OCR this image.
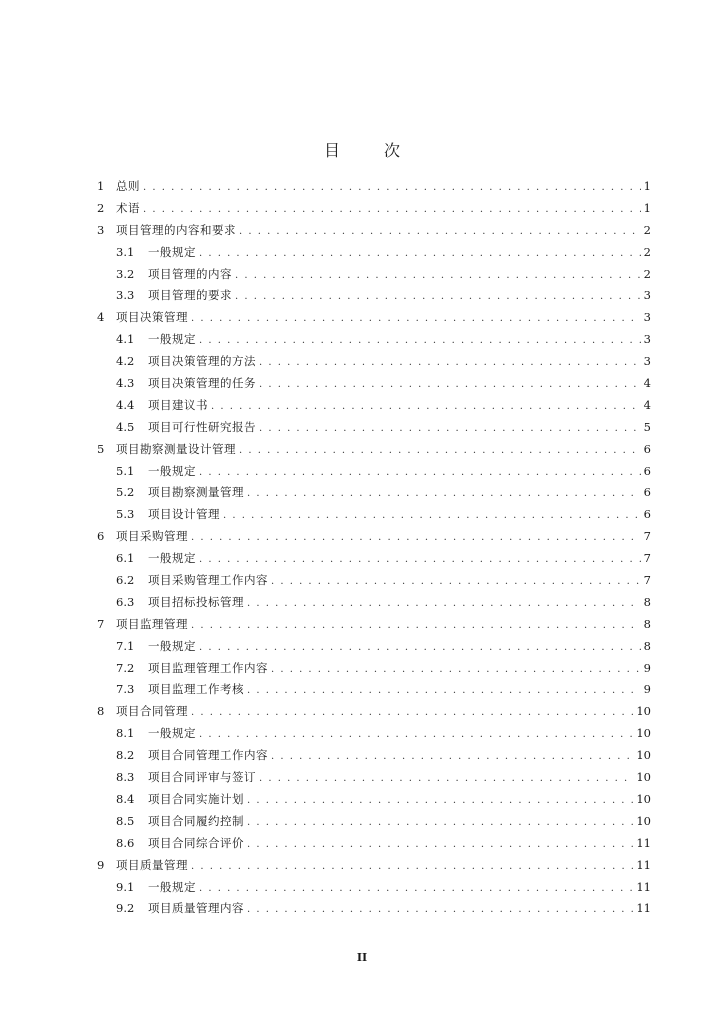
目　次
1	总则 . . .	1
2	术语 . . .	1
3	项目管理的内容和要求 . . .	2
3.1	一般规定 . . .	2
3.2	项目管理的内容 . . .	2
3.3	项目管理的要求 . . .	3
4	项目决策管理 . . .	3
4.1	一般规定 . . .	3
4.2	项目决策管理的方法 . . .	3
4.3	项目决策管理的任务 . . .	4
4.4	项目建议书 . . .	4
4.5	项目可行性研究报告 . . .	5
5	项目勘察测量设计管理 . . .	6
5.1	一般规定 . . .	6
5.2	项目勘察测量管理 . . .	6
5.3	项目设计管理 . . .	6
6	项目采购管理 . . .	7
6.1	一般规定 . . .	7
6.2	项目采购管理工作内容 . . .	7
6.3	项目招标投标管理 . . .	8
7	项目监理管理 . . .	8
7.1	一般规定 . . .	8
7.2	项目监理管理工作内容 . . .	9
7.3	项目监理工作考核 . . .	9
8	项目合同管理 . . .	10
8.1	一般规定 . . .	10
8.2	项目合同管理工作内容 . . .	10
8.3	项目合同评审与签订 . . .	10
8.4	项目合同实施计划 . . .	10
8.5	项目合同履约控制 . . .	10
8.6	项目合同综合评价 . . .	11
9	项目质量管理 . . .	11
9.1	一般规定 . . .	11
9.2	项目质量管理内容 . . .	11
II
